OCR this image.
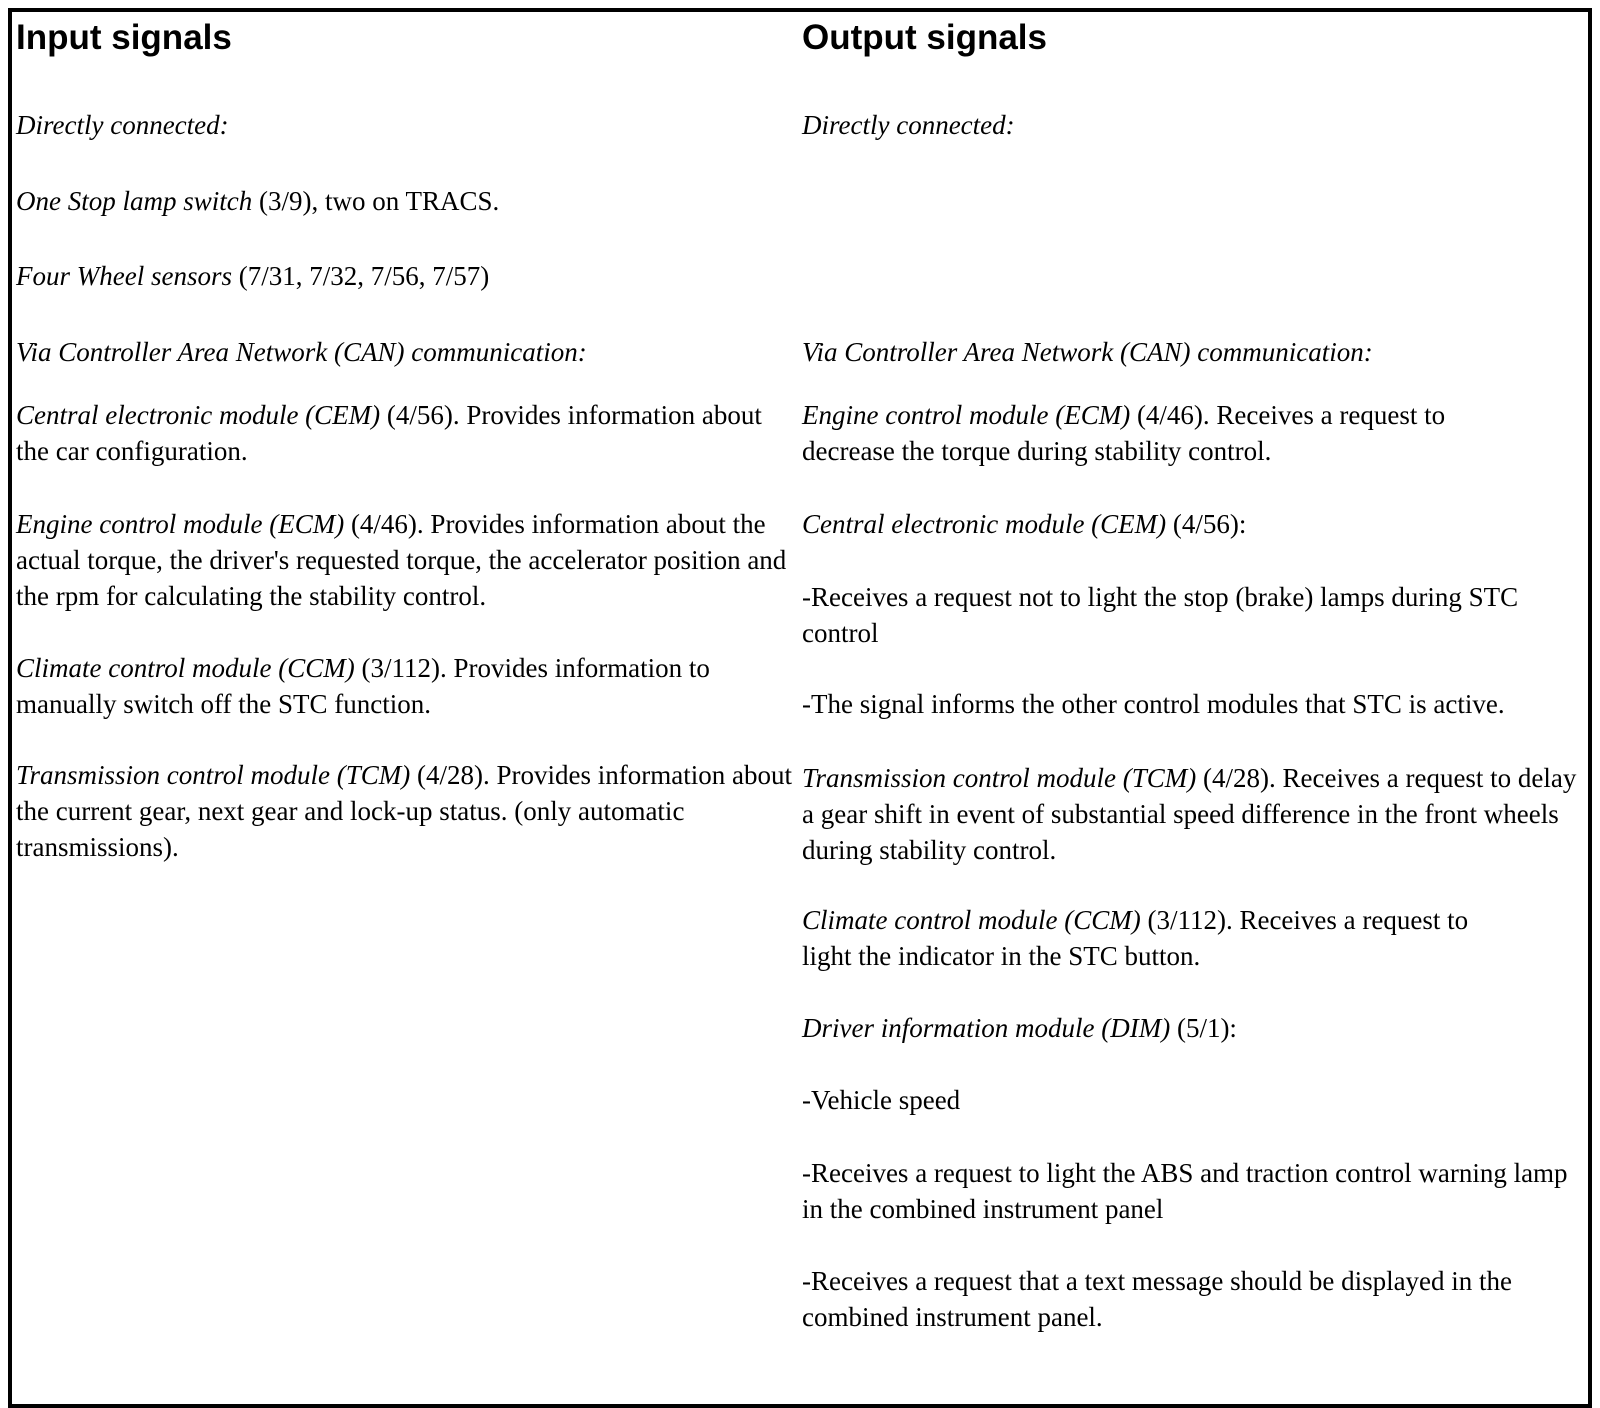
Input signals

Directly connected:

One Stop lamp switch (3/9), two on TRACS.

Four Wheel sensors (7/31, 7/32, 7/56, 7/57)

Via Controller Area Network (CAN) communication:

Central electronic module (CEM) (4/56). Provides information about the car configuration.

Engine control module (ECM) (4/46). Provides information about the actual torque, the driver's requested torque, the accelerator position and the rpm for calculating the stability control.

Climate control module (CCM) (3/112). Provides information to manually switch off the STC function.

Transmission control module (TCM) (4/28). Provides information about the current gear, next gear and lock-up status. (only automatic transmissions).

Output signals

Directly connected:

Via Controller Area Network (CAN) communication:

Engine control module (ECM) (4/46). Receives a request to decrease the torque during stability control.

Central electronic module (CEM) (4/56):

-Receives a request not to light the stop (brake) lamps during STC control

-The signal informs the other control modules that STC is active.

Transmission control module (TCM) (4/28). Receives a request to delay a gear shift in event of substantial speed difference in the front wheels during stability control.

Climate control module (CCM) (3/112). Receives a request to light the indicator in the STC button.

Driver information module (DIM) (5/1):

-Vehicle speed

-Receives a request to light the ABS and traction control warning lamp in the combined instrument panel

-Receives a request that a text message should be displayed in the combined instrument panel.
